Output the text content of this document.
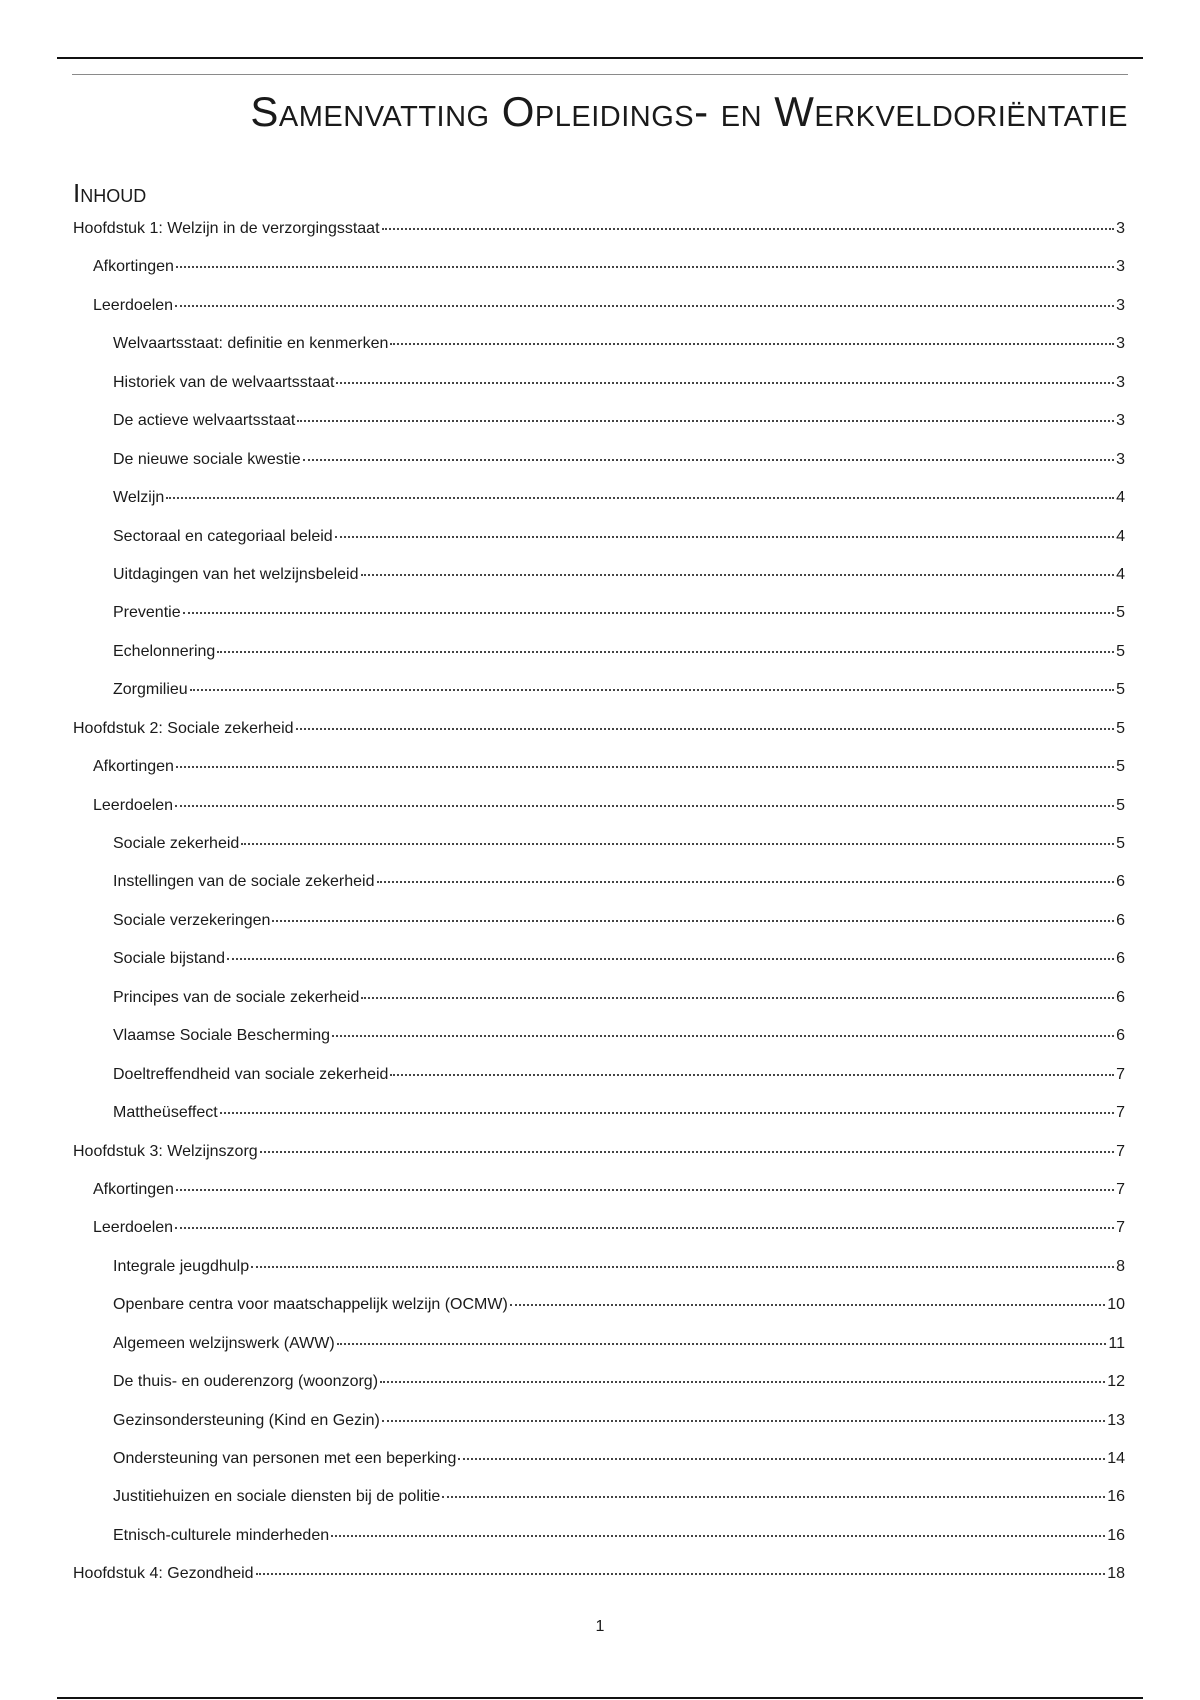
Samenvatting Opleidings- en Werkveldoriëntatie
Inhoud
Hoofdstuk 1: Welzijn in de verzorgingsstaat	3
Afkortingen	3
Leerdoelen	3
Welvaartsstaat: definitie en kenmerken	3
Historiek van de welvaartsstaat	3
De actieve welvaartsstaat	3
De nieuwe sociale kwestie	3
Welzijn	4
Sectoraal en categoriaal beleid	4
Uitdagingen van het welzijnsbeleid	4
Preventie	5
Echelonnering	5
Zorgmilieu	5
Hoofdstuk 2: Sociale zekerheid	5
Afkortingen	5
Leerdoelen	5
Sociale zekerheid	5
Instellingen van de sociale zekerheid	6
Sociale verzekeringen	6
Sociale bijstand	6
Principes van de sociale zekerheid	6
Vlaamse Sociale Bescherming	6
Doeltreffendheid van sociale zekerheid	7
Mattheüseffect	7
Hoofdstuk 3: Welzijnszorg	7
Afkortingen	7
Leerdoelen	7
Integrale jeugdhulp	8
Openbare centra voor maatschappelijk welzijn (OCMW)	10
Algemeen welzijnswerk (AWW)	11
De thuis- en ouderenzorg (woonzorg)	12
Gezinsondersteuning (Kind en Gezin)	13
Ondersteuning van personen met een beperking	14
Justitiehuizen en sociale diensten bij de politie	16
Etnisch-culturele minderheden	16
Hoofdstuk 4: Gezondheid	18
1
